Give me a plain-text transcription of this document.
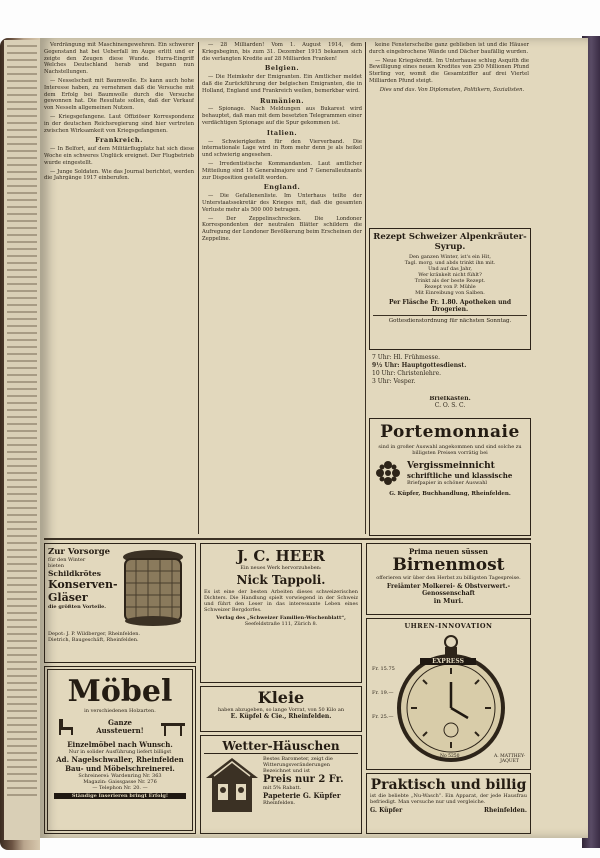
Verdrängung mit Maschinengewehren. Ein schwerer Gegenstand hat bei Ueberfall im Auge erlitt und er zeigte den Zeugen diese Wunde. Hurra-Eingriff Welches Deutschland herab und begann nun Nachstellungen.

— Nesselscheit mit Baumwolle. Es kann auch hohe Interesse haben, zu vernehmen daß die Versuche mit dem Erfolg bei Baumwolle durch die Versuche gewonnen hat. Die Resultate sollen, daß der Verkauf von Nesseln allgemeinen Nutzen.

— Kriegsgefangene. Laut Offiziöser Korrespondenz in der deutschen Reichsregierung sind hier vertreten zwischen Wirksamkeit von Kriegsgefangenen.

Frankreich.

— In Belfort, auf dem Militärflugplatz hat sich diese Woche ein schweres Unglück ereignet. Der Flugbetrieb wurde eingestellt.

— Junge Soldaten. Wie das Journal berichtet, werden die Jahrgänge 1917 einberufen.

— 28 Milliarden! Vom 1. August 1914, dem Kriegsbeginn, bis zum 31. Dezember 1915 bekamen sich die verlangten Kredite auf 28 Milliarden Franken!

Belgien.

— Die Heimkehr der Emigranten. Ein Amtlicher meldet daß die Zurückführung der belgischen Emigranten, die in Holland, England und Frankreich weilen, bemerkbar wird.

Rumänien.

— Spionage. Nach Meldungen aus Bukarest wird behauptet, daß man mit dem besetzten Telegrammen einer verdächtigen Spionage auf die Spur gekommen ist.

Italien.

— Schwierigkeiten für den Vierverband. Die internationale Lage wird in Rom mehr denn je als heikel und schwierig angesehen.

— Irredentistische Kommandanten. Laut amtlicher Mitteilung sind 18 Generalmajore und 7 Generalleutnants zur Disposition gestellt worden.

England.

— Die Gefallenenliste. Im Unterhaus teilte der Unterstaatssekretär des Krieges mit, daß die gesamten Verluste mehr als 500 000 betragen.

— Der Zeppelinschrecken. Die Londoner Korrespondenten der neutralen Blätter schildern die Aufregung der Londoner Bevölkerung beim Erscheinen der Zeppeline.

keine Fensterscheibe ganz geblieben ist und die Häuser durch eingebrochene Wände und Dächer baufällig wurden.

— Neue Kriegskredit. Im Unterhause schlug Asquith die Bewilligung eines neuen Kredites von 250 Millionen Pfund Sterling vor, womit die Gesamtziffer auf drei Viertel Milliarden Pfund steigt.

Dies und das. Von Diplomaten, Politikern, Sozialisten.

Rezept Schweizer Alpenkräuter-Syrup.
Den ganzen Winter, ist's ein Hit,
Tagl. morg. und abds trinkt ihn mit.
Und auf das Jahr,
Wer kränkelt nicht fühlt?
Trinkt als der beste Rezept.
Rezept von P. Mühle
Mit Einreibung von Salben.
Per Fläsche Fr. 1.80. Apotheken und Drogerien.
Gottesdienstordnung für nächsten Sonntag.
7 Uhr: Hl. Frühmesse.
9½ Uhr: Hauptgottesdienst.
10 Uhr: Christenlehre.
3 Uhr: Vesper.
Briefkasten.
C. O. S. C.
Portemonnaie
sind in großer Auswahl angekommen und sind solche zu billigsten Preisen vorrätig bei
Vergissmeinnicht
schriftliche und klassische
Briefpapier in schöner Auswahl
G. Küpfer, Buchhandlung, Rheinfelden.
Zur Vorsorge
für den Winter
bieten
Schildkrötes
Konserven-
Gläser
die größten Vorteile.
Depot: J. P. Wildberger, Rheinfelden.
Dietrich, Baugeschäft, Rheinfelden.
Möbel
in verschiedenen Holzarten.
Ganze
Aussteuern!
Einzelmöbel nach Wunsch.
Nur in solider Ausführung liefert billigst
Ad. Nagelschwaller, Rheinfelden
Bau- und Möbelschreinerei.
Schreinerei: Wardenring Nr. 363
Magazin: Gaissgasse Nr. 276
— Telephon Nr. 20. —
Ständige Inserieren bringt Erfolg!
J. C. HEER
Ein neues Werk hervorzuheben:
Nick Tappoli.
Es ist eine der besten Arbeiten dieses schweizerischen Dichters. Die Handlung spielt vorwiegend in der Schweiz und führt den Leser in das interessante Leben eines Schweizer Bergdorfes.
Verlag des „Schweizer Familien-Wochenblatt“,
Seefeldstraße 111, Zürich 8.
Kleie
haben abzugeben, so lange Vorrat, von 50 Kilo an
E. Küpfel & Cie., Rheinfelden.
Wetter-Häuschen
Bestes Barometer, zeigt die
Witterungsveränderungen
Bezeichnet und ist
Preis nur 2 Fr.
mit 5% Rabatt.
Papeterie G. Küpfer
Rheinfelden.
Prima neuen süssen
Birnenmost
offerieren wir über den Herbst zu billigsten Tagespreise.
Freiämter Molkerei- & Obstverwert.-Genossenschaft
in Muri.
UHREN-INNOVATION
EXPRESS
Fr. 15.75
Fr. 19.—
Fr. 25.—
A. MATTHEY-JAQUET
No 5250
Praktisch und billig
ist die beliebte „Nu-Wasch“. Ein Apparat, der jede Hausfrau befriedigt. Man versuche nur und vergleiche.
G. Küpfer	Rheinfelden.
